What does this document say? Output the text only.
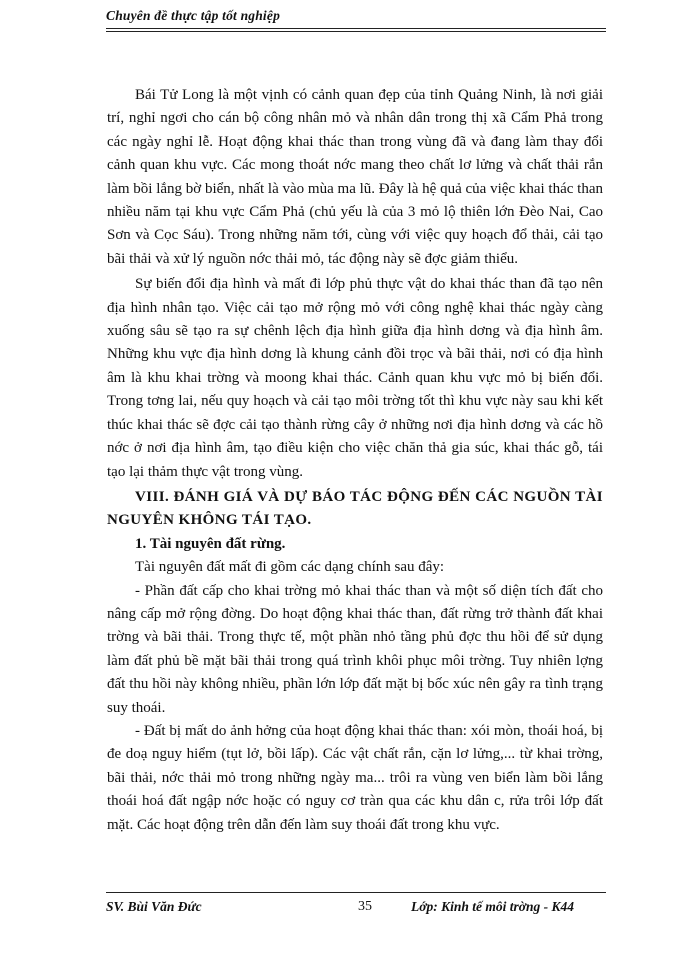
Chuyên đề thực tập tốt nghiệp

Bái Tử Long là một vịnh có cảnh quan đẹp của tỉnh Quảng Ninh, là nơi giải trí, nghỉ ngơi cho cán bộ công nhân mỏ và nhân dân trong thị xã Cẩm Phả trong các ngày nghỉ lễ. Hoạt động khai thác than trong vùng đã và đang làm thay đổi cảnh quan khu vực. Các mong thoát nớc mang theo chất lơ lửng và chất thải rắn làm bồi lắng bờ biển, nhất là vào mùa ma lũ. Đây là hệ quả của việc khai thác than nhiều năm tại khu vực Cẩm Phả (chủ yếu là của 3 mỏ lộ thiên lớn Đèo Nai, Cao Sơn và Cọc Sáu). Trong những năm tới, cùng với việc quy hoạch đổ thải, cải tạo bãi thải và xử lý nguồn nớc thải mỏ, tác động này sẽ đợc giảm thiểu.

Sự biến đổi địa hình và mất đi lớp phủ thực vật do khai thác than đã tạo nên địa hình nhân tạo. Việc cải tạo mở rộng mỏ với công nghệ khai thác ngày càng xuống sâu sẽ tạo ra sự chênh lệch địa hình giữa địa hình dơng và địa hình âm. Những khu vực địa hình dơng là khung cảnh đồi trọc và bãi thải, nơi có địa hình âm là khu khai trờng và moong khai thác. Cảnh quan khu vực mỏ bị biến đổi. Trong tơng lai, nếu quy hoạch và cải tạo môi trờng tốt thì khu vực này sau khi kết thúc khai thác sẽ đợc cải tạo thành rừng cây ở những nơi địa hình dơng và các hồ nớc ở nơi địa hình âm, tạo điều kiện cho việc chăn thả gia súc, khai thác gỗ, tái tạo lại thảm thực vật trong vùng.

VIII. ĐÁNH GIÁ VÀ DỰ BÁO TÁC ĐỘNG ĐẾN CÁC NGUỒN TÀI NGUYÊN KHÔNG TÁI TẠO.

1. Tài nguyên đất rừng.

Tài nguyên đất mất đi gồm các dạng chính sau đây:

- Phần đất cấp cho khai trờng mỏ khai thác than và một số diện tích đất cho nâng cấp mở rộng đờng. Do hoạt động khai thác than, đất rừng trở thành đất khai trờng và bãi thải. Trong thực tế, một phần nhỏ tầng phủ đợc thu hồi để sử dụng làm đất phủ bề mặt bãi thải trong quá trình khôi phục môi trờng. Tuy nhiên lợng đất thu hồi này không nhiều, phần lớn lớp đất mặt bị bốc xúc nên gây ra tình trạng suy thoái.

- Đất bị mất do ảnh hởng của hoạt động khai thác than: xói mòn, thoái hoá, bị đe doạ nguy hiểm (tụt lở, bồi lấp). Các vật chất rắn, cặn lơ lửng,... từ khai trờng, bãi thải, nớc thải mỏ trong những ngày ma... trôi ra vùng ven biển làm bồi lắng thoái hoá đất ngập nớc hoặc có nguy cơ tràn qua các khu dân c, rửa trôi lớp đất mặt. Các hoạt động trên dẫn đến làm suy thoái đất trong khu vực.

SV. Bùi Văn Đức	35	Lớp: Kinh tế môi trờng - K44
